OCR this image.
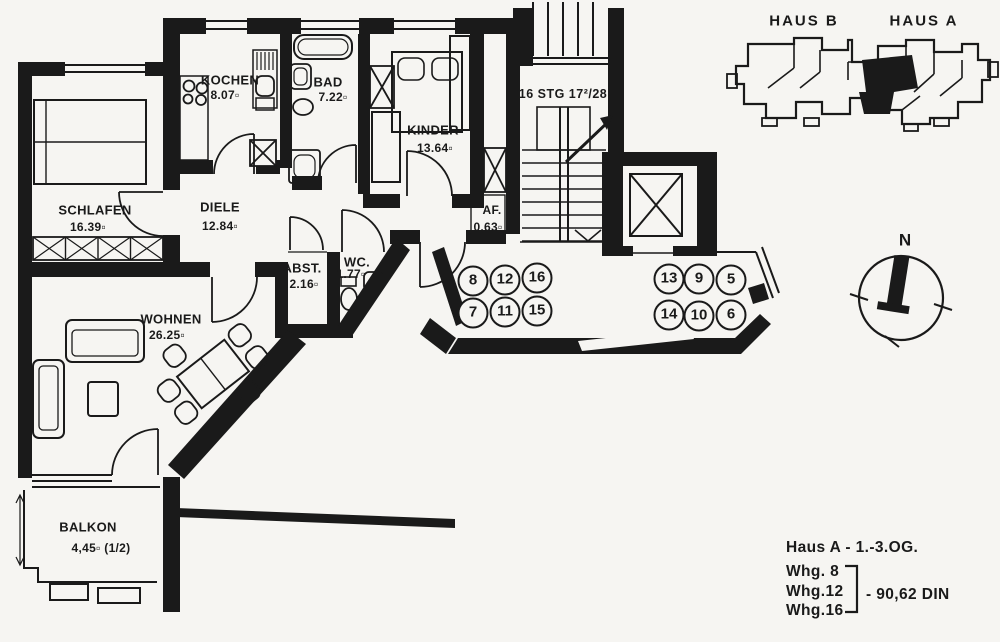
SCHLAFEN
16.39▫
KOCHEN
8.07▫
BAD
7.22▫
KINDER
13.64▫
DIELE
12.84▫
ABST.
2.16▫
WC.
1.77▫
WOHNEN
26.25▫
BALKON
4,45▫ (1/2)
AF.
0.63▫
16 STG 17²/28
8	12	16
7	11	15
13	9	5
14 10	6
HAUS B	HAUS A
N
Haus A - 1.-3.OG.
Whg. 8
Whg.12
Whg.16
- 90,62 DIN
